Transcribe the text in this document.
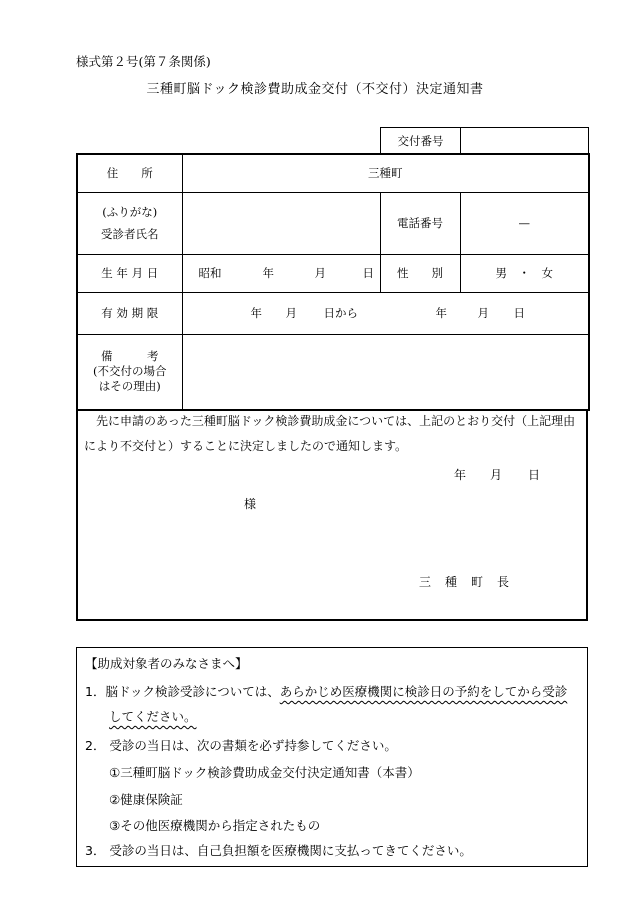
様式第２号(第７条関係)
三種町脳ドック検診費助成金交付（不交付）決定通知書
交付番号	
住　　所	三種町		

(ふりがな)
受診者氏名		電話番号	—
生 年 月 日	昭和 年 月 日	性　　別	男　・　女
有 効 期 限	年 月 日から 年 月 日		

備　　　考
(不交付の場合
はその理由)			

先に申請のあった三種町脳ドック検診費助成金については、上記のとおり交付（上記理由により不交付と）することに決定しましたので通知します。
年 月 日
様
三種町長
【助成対象者のみなさまへ】
1．脳ドック検診受診については、あらかじめ医療機関に検診日の予約をしてから受診
してください。
2． 受診の当日は、次の書類を必ず持参してください。
①三種町脳ドック検診費助成金交付決定通知書（本書）
②健康保険証
③その他医療機関から指定されたもの
3． 受診の当日は、自己負担額を医療機関に支払ってきてください。
